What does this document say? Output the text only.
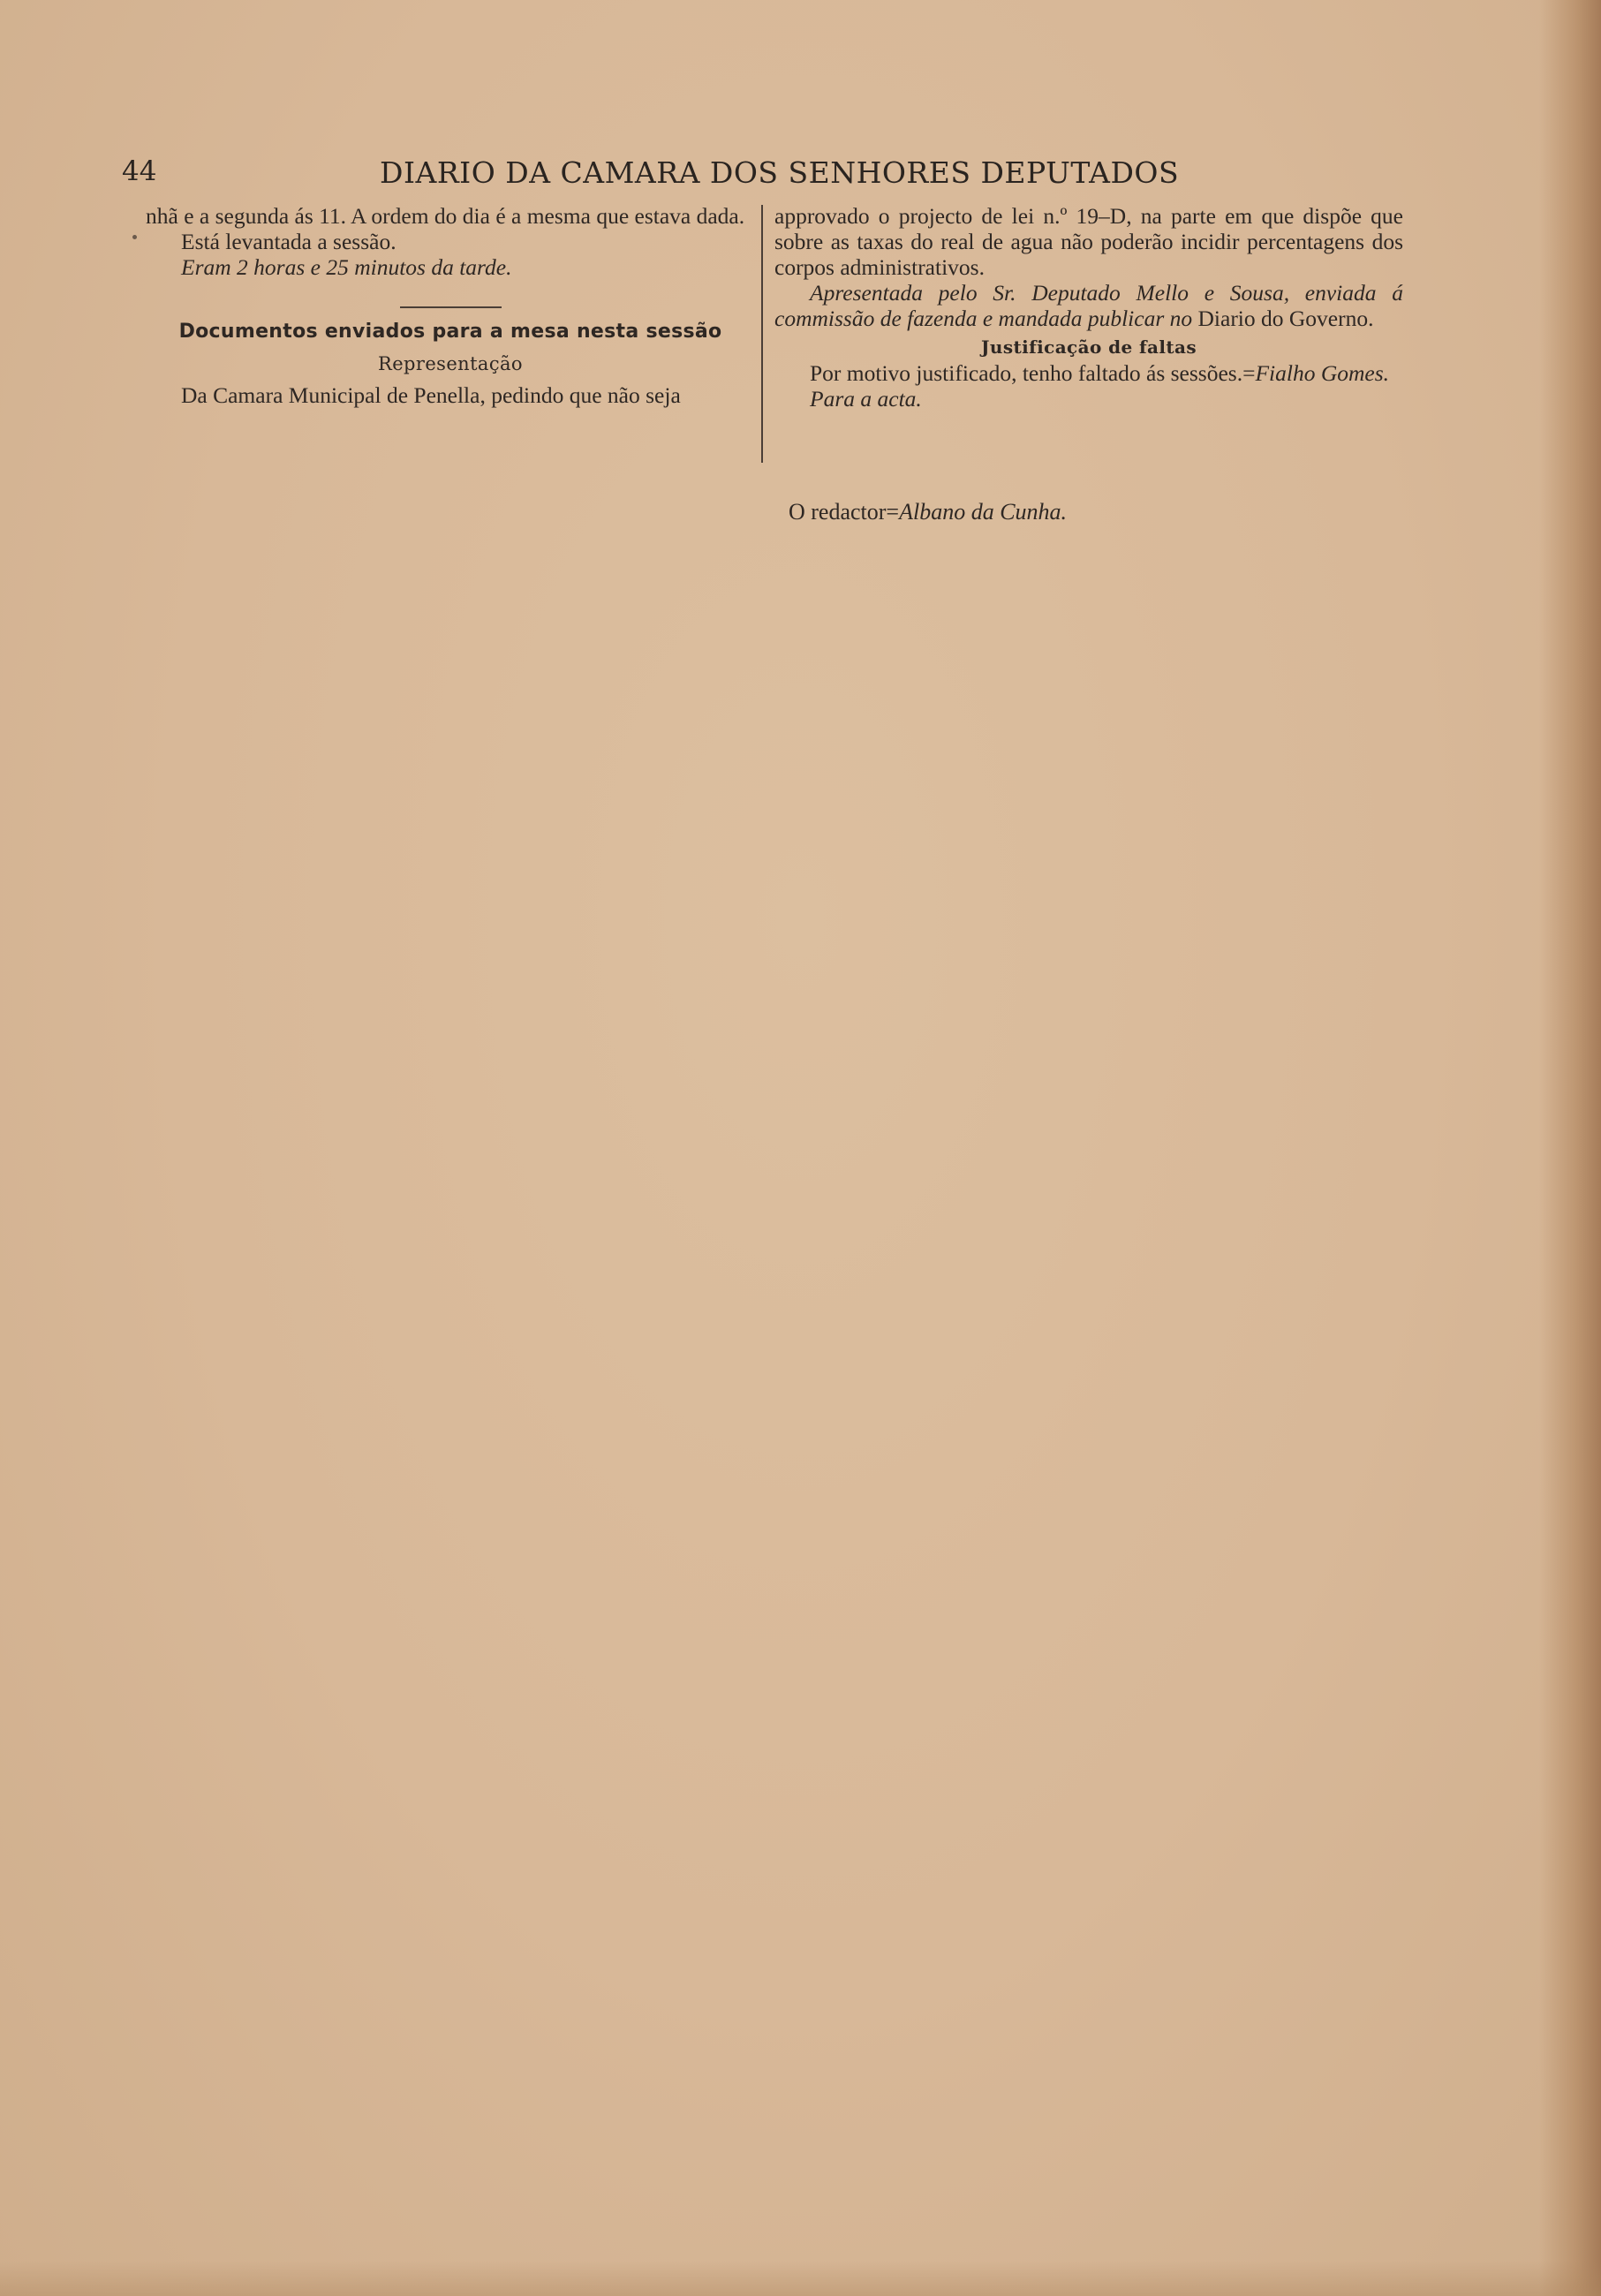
44	DIARIO DA CAMARA DOS SENHORES DEPUTADOS

nhã e a segunda ás 11. A ordem do dia é a mesma que estava dada.

Está levantada a sessão.

Eram 2 horas e 25 minutos da tarde.

Documentos enviados para a mesa nesta sessão
Representação

Da Camara Municipal de Penella, pedindo que não seja

approvado o projecto de lei n.º 19–D, na parte em que dispõe que sobre as taxas do real de agua não poderão incidir percentagens dos corpos administrativos.

Apresentada pelo Sr. Deputado Mello e Sousa, enviada á commissão de fazenda e mandada publicar no Diario do Governo.

Justificação de faltas

Por motivo justificado, tenho faltado ás sessões.=Fialho Gomes.

Para a acta.

O redactor=Albano da Cunha.
